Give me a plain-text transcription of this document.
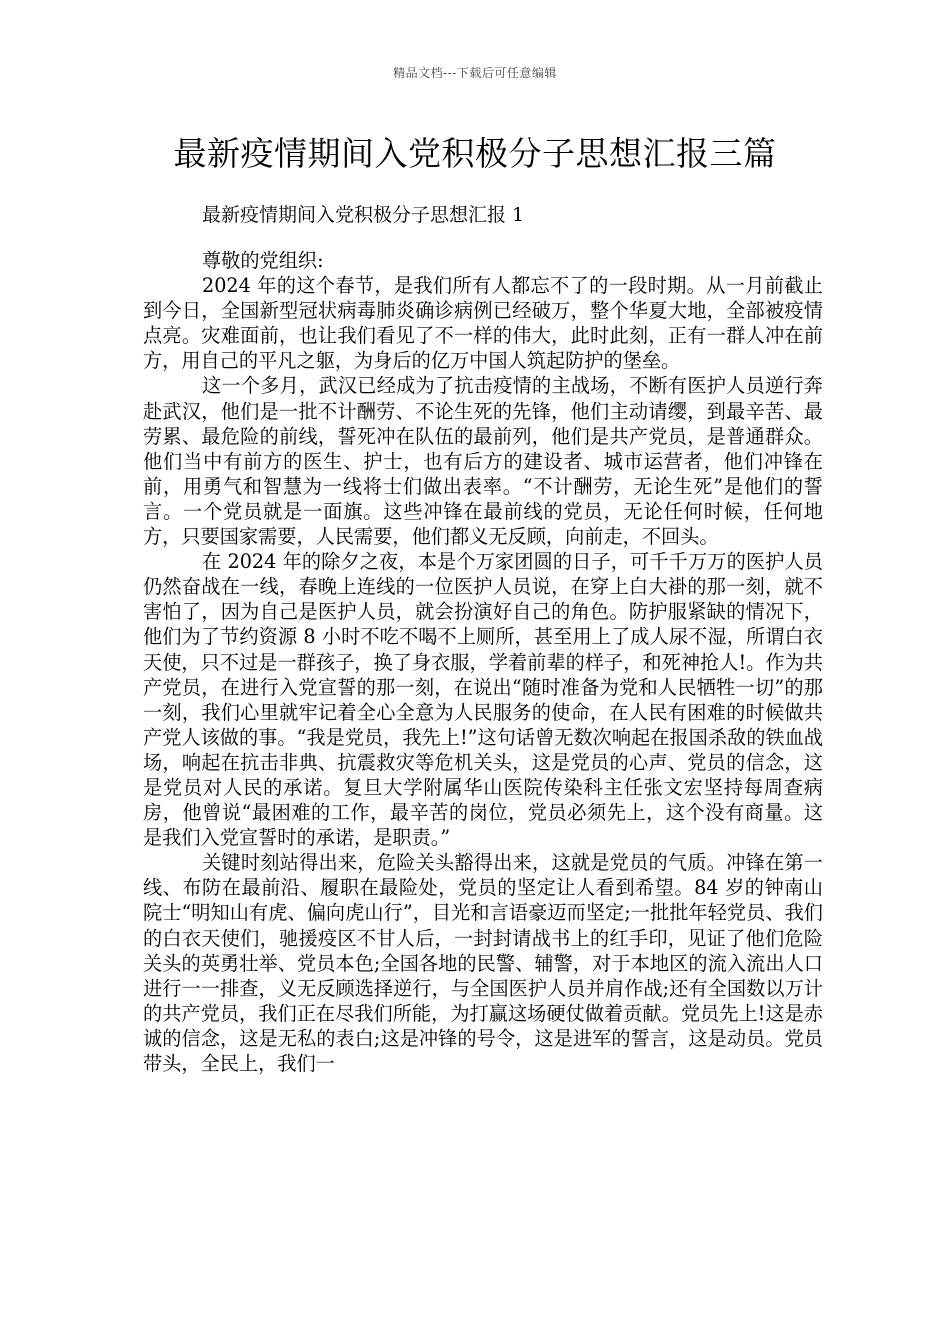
精品文档---下载后可任意编辑
最新疫情期间入党积极分子思想汇报三篇
最新疫情期间入党积极分子思想汇报 1

尊敬的党组织:

2024 年的这个春节，是我们所有人都忘不了的一段时期。从一月前截止到今日，全国新型冠状病毒肺炎确诊病例已经破万，整个华夏大地，全部被疫情点亮。灾难面前，也让我们看见了不一样的伟大，此时此刻，正有一群人冲在前方，用自己的平凡之躯，为身后的亿万中国人筑起防护的堡垒。

这一个多月，武汉已经成为了抗击疫情的主战场，不断有医护人员逆行奔赴武汉，他们是一批不计酬劳、不论生死的先锋，他们主动请缨，到最辛苦、最劳累、最危险的前线，誓死冲在队伍的最前列，他们是共产党员，是普通群众。他们当中有前方的医生、护士，也有后方的建设者、城市运营者，他们冲锋在前，用勇气和智慧为一线将士们做出表率。“不计酬劳，无论生死”是他们的誓言。一个党员就是一面旗。这些冲锋在最前线的党员，无论任何时候，任何地方，只要国家需要，人民需要，他们都义无反顾，向前走，不回头。

在 2024 年的除夕之夜，本是个万家团圆的日子，可千千万万的医护人员仍然奋战在一线，春晚上连线的一位医护人员说，在穿上白大褂的那一刻，就不害怕了，因为自己是医护人员，就会扮演好自己的角色。防护服紧缺的情况下，他们为了节约资源 8 小时不吃不喝不上厕所，甚至用上了成人尿不湿，所谓白衣天使，只不过是一群孩子，换了身衣服，学着前辈的样子，和死神抢人!。作为共产党员，在进行入党宣誓的那一刻，在说出“随时准备为党和人民牺牲一切”的那一刻，我们心里就牢记着全心全意为人民服务的使命，在人民有困难的时候做共产党人该做的事。“我是党员，我先上!”这句话曾无数次响起在报国杀敌的铁血战场，响起在抗击非典、抗震救灾等危机关头，这是党员的心声、党员的信念，这是党员对人民的承诺。复旦大学附属华山医院传染科主任张文宏坚持每周查病房，他曾说“最困难的工作，最辛苦的岗位，党员必须先上，这个没有商量。这是我们入党宣誓时的承诺，是职责。”

关键时刻站得出来，危险关头豁得出来，这就是党员的气质。冲锋在第一线、布防在最前沿、履职在最险处，党员的坚定让人看到希望。84 岁的钟南山院士“明知山有虎、偏向虎山行”，目光和言语豪迈而坚定;一批批年轻党员、我们的白衣天使们，驰援疫区不甘人后，一封封请战书上的红手印，见证了他们危险关头的英勇壮举、党员本色;全国各地的民警、辅警，对于本地区的流入流出人口进行一一排查，义无反顾选择逆行，与全国医护人员并肩作战;还有全国数以万计的共产党员，我们正在尽我们所能，为打赢这场硬仗做着贡献。党员先上!这是赤诚的信念，这是无私的表白;这是冲锋的号令，这是进军的誓言，这是动员。党员带头，全民上，我们一
